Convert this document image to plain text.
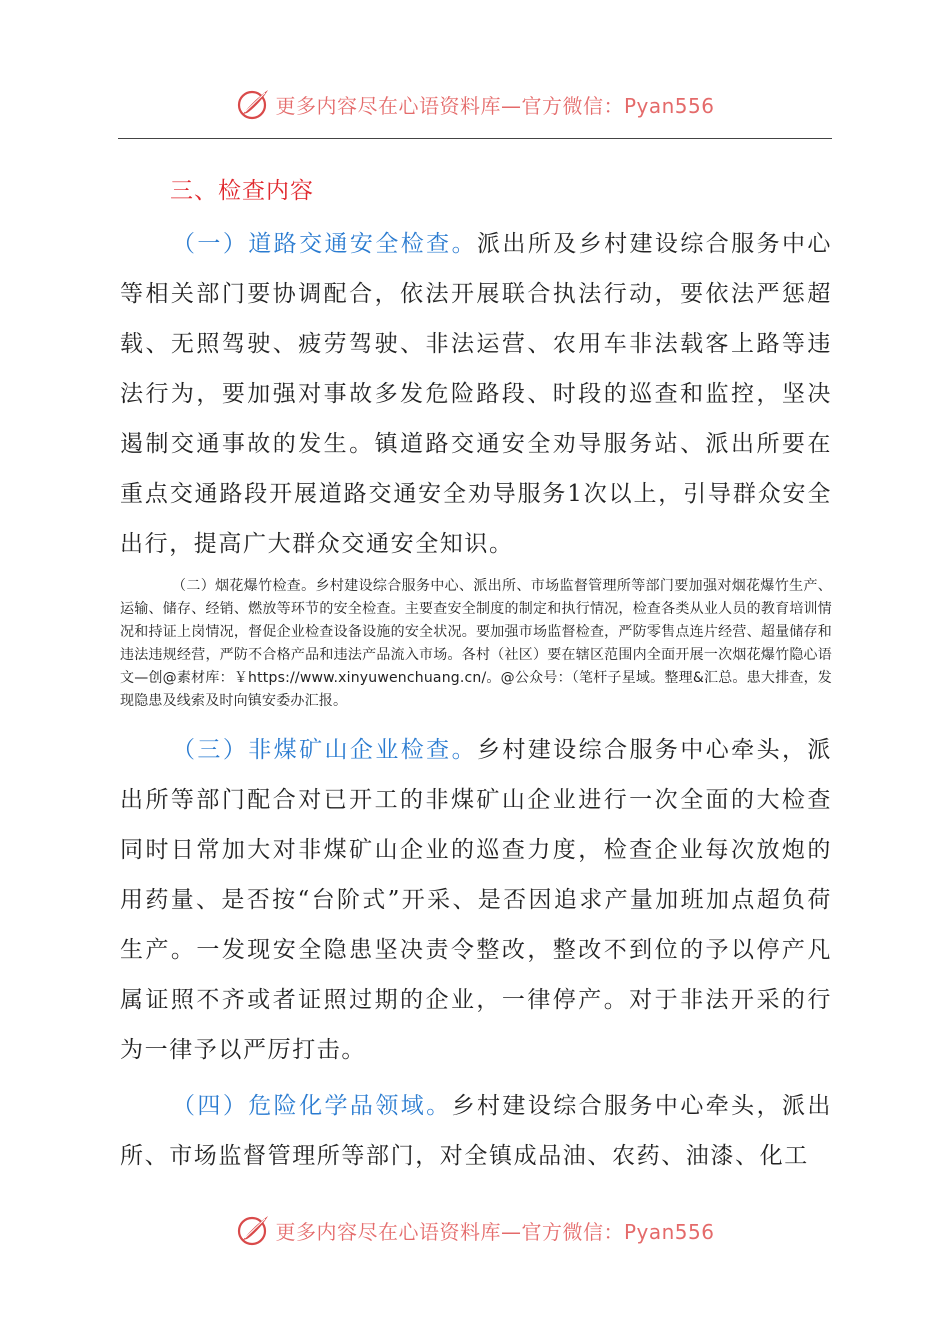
更多内容尽在心语资料库—官方微信：Pyan556
三、检查内容

（一）道路交通安全检查。派出所及乡村建设综合服务中心等相关部门要协调配合，依法开展联合执法行动，要依法严惩超载、无照驾驶、疲劳驾驶、非法运营、农用车非法载客上路等违法行为，要加强对事故多发危险路段、时段的巡查和监控，坚决遏制交通事故的发生。镇道路交通安全劝导服务站、派出所要在重点交通路段开展道路交通安全劝导服务1次以上，引导群众安全出行，提高广大群众交通安全知识。

（二）烟花爆竹检查。乡村建设综合服务中心、派出所、市场监督管理所等部门要加强对烟花爆竹生产、运输、储存、经销、燃放等环节的安全检查。主要查安全制度的制定和执行情况，检查各类从业人员的教育培训情况和持证上岗情况，督促企业检查设备设施的安全状况。要加强市场监督检查，严防零售点连片经营、超量储存和违法违规经营，严防不合格产品和违法产品流入市场。各村（社区）要在辖区范围内全面开展一次烟花爆竹隐心语文—创@素材库：￥https://www.xinyuwenchuang.cn/。@公众号：（笔杆子星域。整理&汇总。患大排查，发现隐患及线索及时向镇安委办汇报。

（三）非煤矿山企业检查。乡村建设综合服务中心牵头，派出所等部门配合对已开工的非煤矿山企业进行一次全面的大检查同时日常加大对非煤矿山企业的巡查力度，检查企业每次放炮的用药量、是否按“台阶式”开采、是否因追求产量加班加点超负荷生产。一发现安全隐患坚决责令整改，整改不到位的予以停产凡属证照不齐或者证照过期的企业，一律停产。对于非法开采的行为一律予以严厉打击。

（四）危险化学品领域。乡村建设综合服务中心牵头，派出所、市场监督管理所等部门，对全镇成品油、农药、油漆、化工

更多内容尽在心语资料库—官方微信：Pyan556
